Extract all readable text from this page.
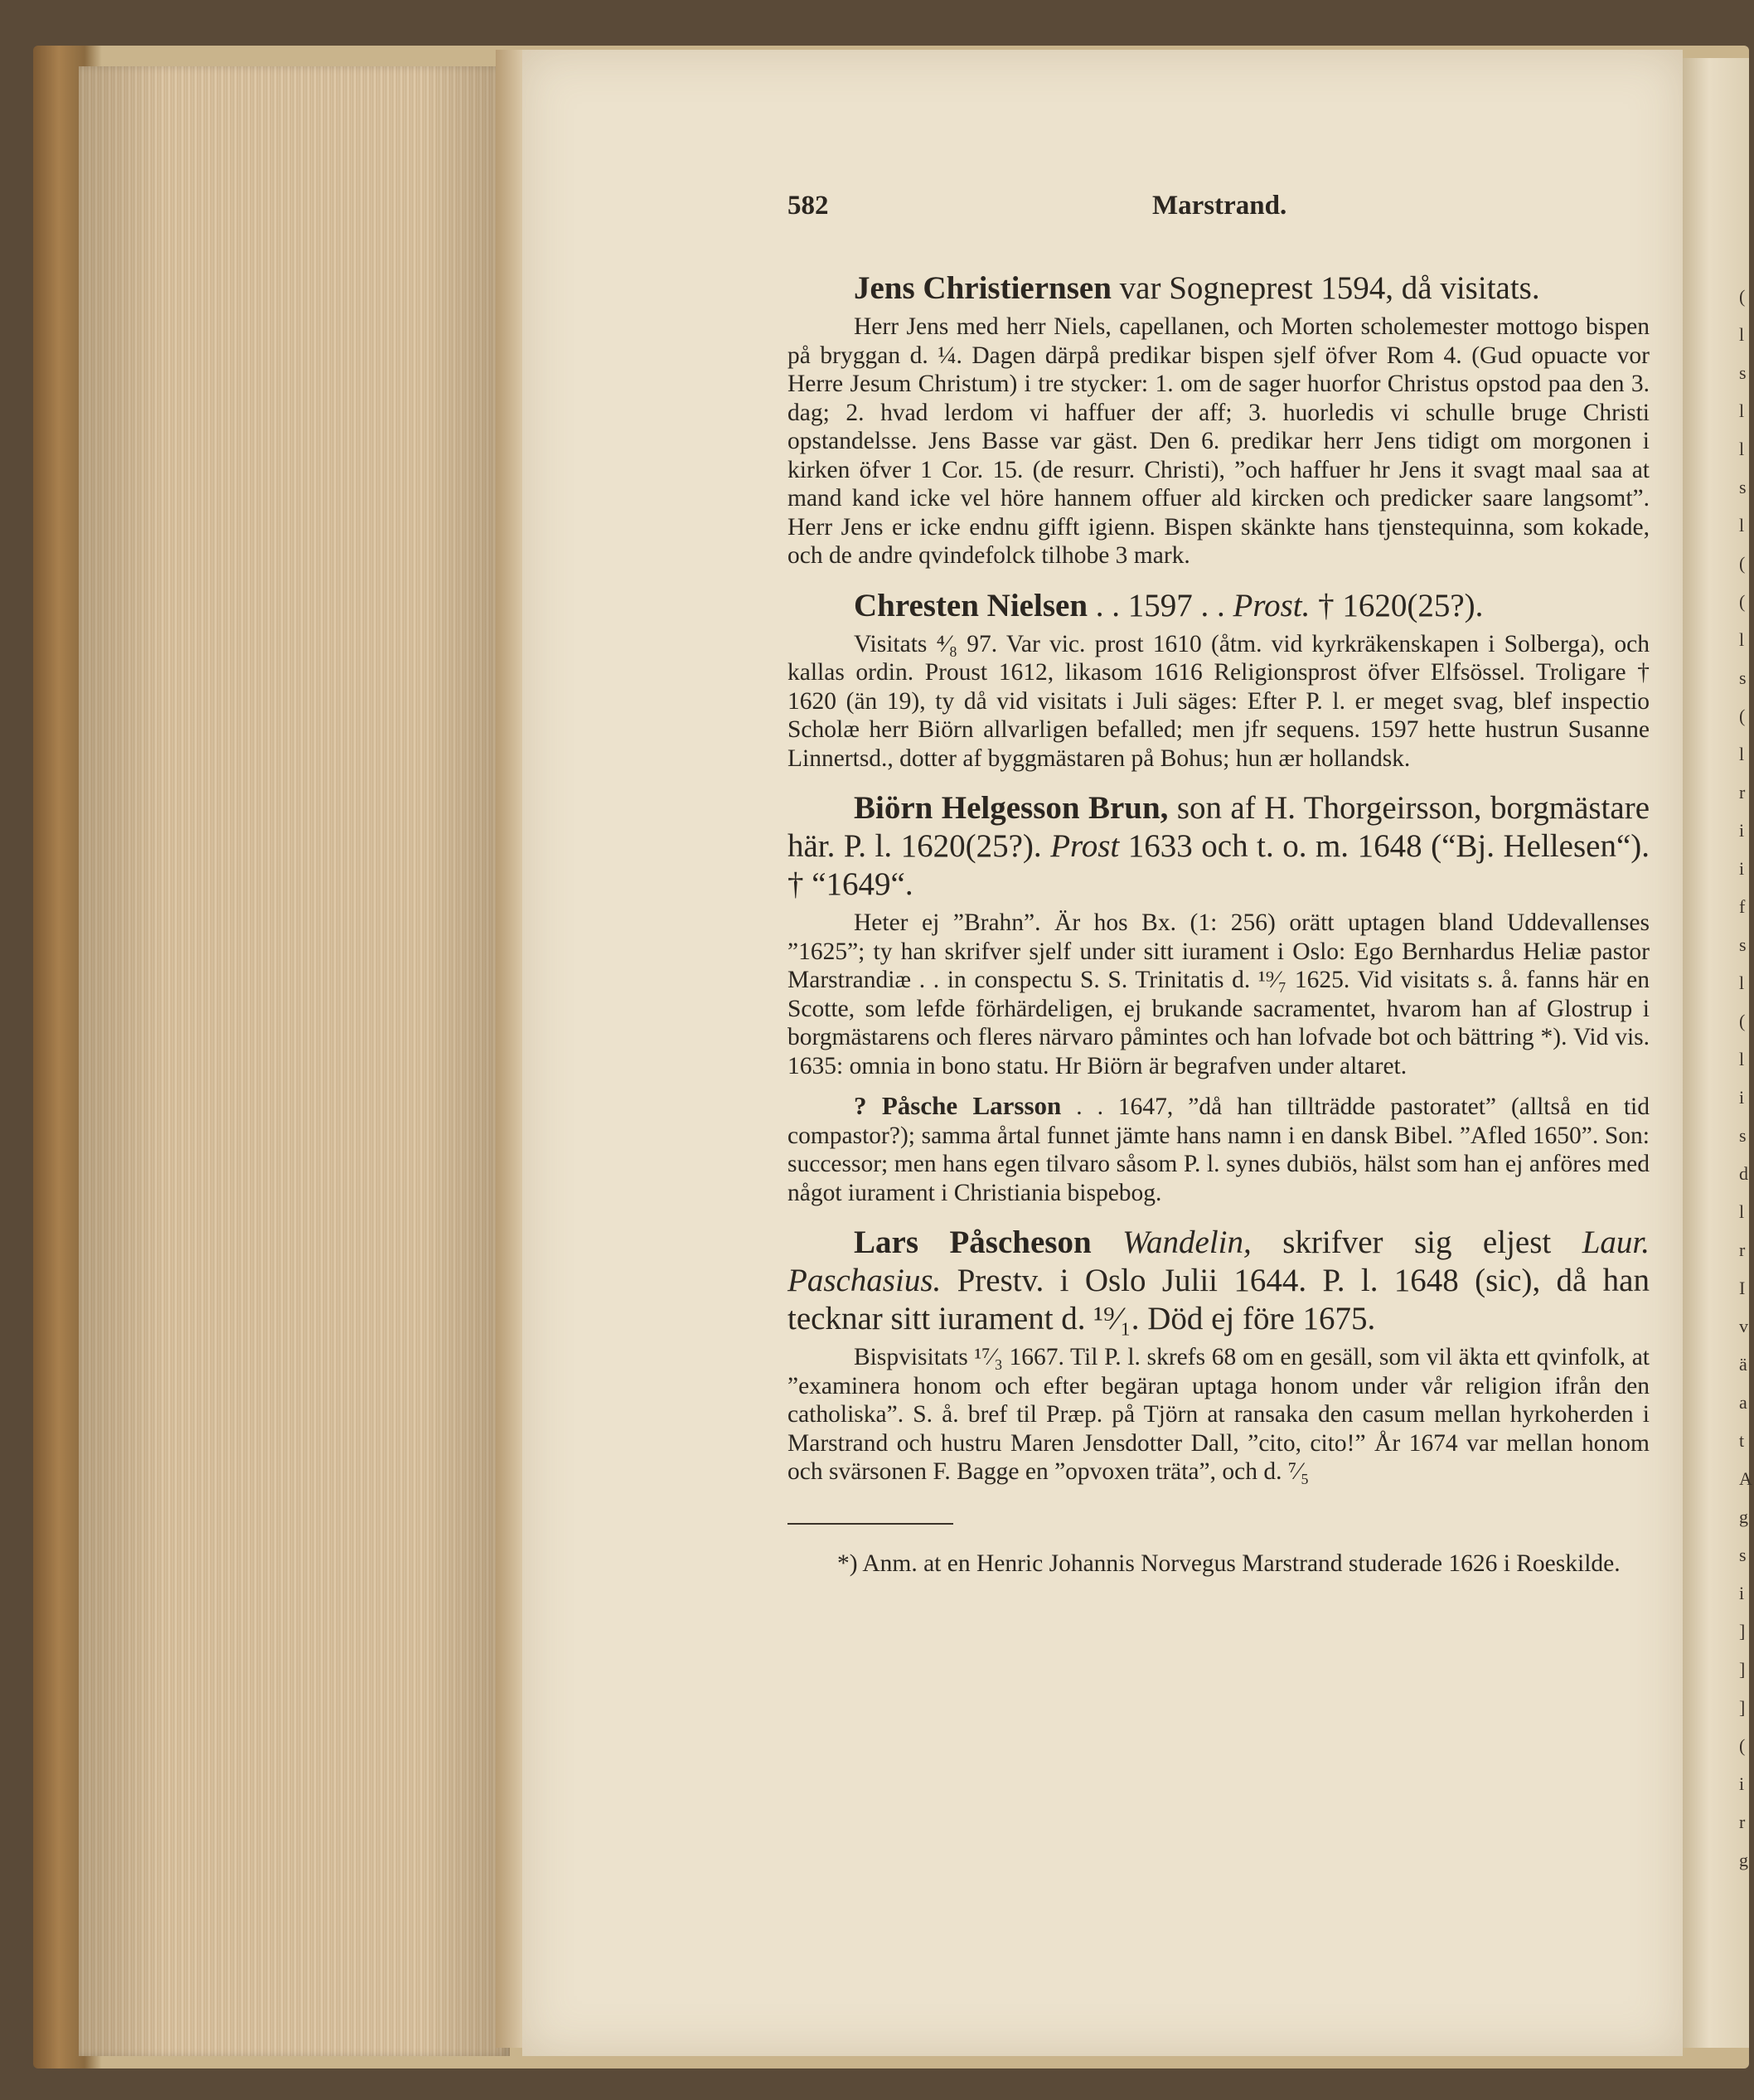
(
l
s
l
l
s
l
(
(
l
s
(
l
r
i
i
f
s
l
(
l
i
s
d
l
r
I
v
ä
a
t
A
g
s
i
]
]
]
(
i
r
g
582	Marstrand.
Jens Christiernsen var Sogneprest 1594, då visitats.

Herr Jens med herr Niels, capellanen, och Morten scholemester mottogo bispen på bryggan d. ¼. Dagen därpå predikar bispen sjelf öfver Rom 4. (Gud opuacte vor Herre Jesum Christum) i tre stycker: 1. om de sager huorfor Christus opstod paa den 3. dag; 2. hvad lerdom vi haffuer der aff; 3. huorledis vi schulle bruge Christi opstandelsse. Jens Basse var gäst. Den 6. predikar herr Jens tidigt om morgonen i kirken öfver 1 Cor. 15. (de resurr. Christi), ”och haffuer hr Jens it svagt maal saa at mand kand icke vel höre hannem offuer ald kircken och predicker saare langsomt”. Herr Jens er icke endnu gifft igienn. Bispen skänkte hans tjenstequinna, som kokade, och de andre qvindefolck tilhobe 3 mark.

Chresten Nielsen . . 1597 . . Prost. † 1620(25?).

Visitats ⁴⁄₈ 97. Var vic. prost 1610 (åtm. vid kyrkräkenskapen i Solberga), och kallas ordin. Proust 1612, likasom 1616 Religionsprost öfver Elfsössel. Troligare † 1620 (än 19), ty då vid visitats i Juli säges: Efter P. l. er meget svag, blef inspectio Scholæ herr Biörn allvarligen befalled; men jfr sequens. 1597 hette hustrun Susanne Linnertsd., dotter af byggmästaren på Bohus; hun ær hollandsk.

Biörn Helgesson Brun, son af H. Thorgeirsson, borgmästare här. P. l. 1620(25?). Prost 1633 och t. o. m. 1648 (“Bj. Hellesen“). † “1649“.

Heter ej ”Brahn”. Är hos Bx. (1: 256) orätt uptagen bland Uddevallenses ”1625”; ty han skrifver sjelf under sitt iurament i Oslo: Ego Bernhardus Heliæ pastor Marstrandiæ . . in conspectu S. S. Trinitatis d. ¹⁹⁄₇ 1625. Vid visitats s. å. fanns här en Scotte, som lefde förhärdeligen, ej brukande sacramentet, hvarom han af Glostrup i borgmästarens och fleres närvaro påmintes och han lofvade bot och bättring *). Vid vis. 1635: omnia in bono statu. Hr Biörn är begrafven under altaret.

? Påsche Larsson . . 1647, ”då han tillträdde pastoratet” (alltså en tid compastor?); samma årtal funnet jämte hans namn i en dansk Bibel. ”Afled 1650”. Son: successor; men hans egen tilvaro såsom P. l. synes dubiös, hälst som han ej anföres med något iurament i Christiania bispebog.

Lars Påscheson Wandelin, skrifver sig eljest Laur. Paschasius. Prestv. i Oslo Julii 1644. P. l. 1648 (sic), då han tecknar sitt iurament d. ¹⁹⁄₁. Död ej före 1675.

Bispvisitats ¹⁷⁄₃ 1667. Til P. l. skrefs 68 om en gesäll, som vil äkta ett qvinfolk, at ”examinera honom och efter begäran uptaga honom under vår religion ifrån den catholiska”. S. å. bref til Præp. på Tjörn at ransaka den casum mellan hyrkoherden i Marstrand och hustru Maren Jensdotter Dall, ”cito, cito!” År 1674 var mellan honom och svärsonen F. Bagge en ”opvoxen träta”, och d. ⁷⁄₅

*) Anm. at en Henric Johannis Norvegus Marstrand studerade 1626 i Roeskilde.
